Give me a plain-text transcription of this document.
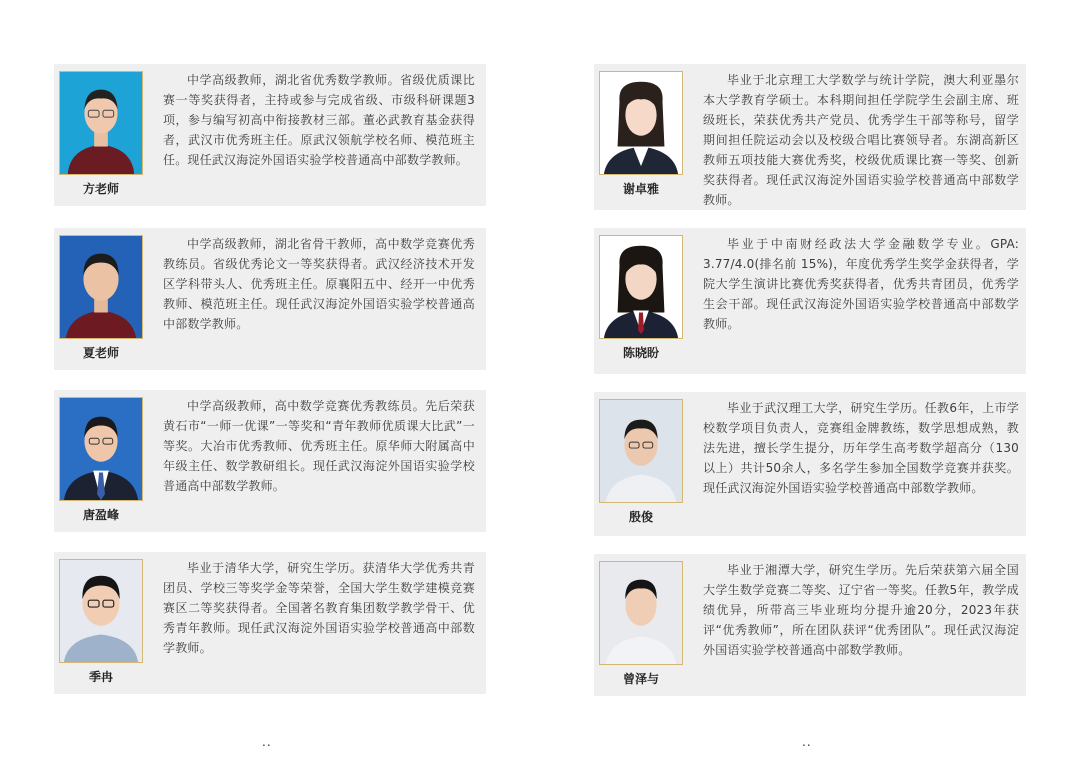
方老师

中学高级教师，湖北省优秀数学教师。省级优质课比赛一等奖获得者，主持或参与完成省级、市级科研课题3项，参与编写初高中衔接教材三部。董必武教育基金获得者，武汉市优秀班主任。原武汉领航学校名师、模范班主任。现任武汉海淀外国语实验学校普通高中部数学教师。

夏老师

中学高级教师，湖北省骨干教师，高中数学竞赛优秀教练员。省级优秀论文一等奖获得者。武汉经济技术开发区学科带头人、优秀班主任。原襄阳五中、经开一中优秀教师、模范班主任。现任武汉海淀外国语实验学校普通高中部数学教师。

唐盈峰

中学高级教师，高中数学竞赛优秀教练员。先后荣获黄石市“一师一优课”一等奖和“青年教师优质课大比武”一等奖。大冶市优秀教师、优秀班主任。原华师大附属高中年级主任、数学教研组长。现任武汉海淀外国语实验学校普通高中部数学教师。

季冉

毕业于清华大学，研究生学历。获清华大学优秀共青团员、学校三等奖学金等荣誉，全国大学生数学建模竞赛赛区二等奖获得者。全国著名教育集团数学教学骨干、优秀青年教师。现任武汉海淀外国语实验学校普通高中部数学教师。

谢卓雅

毕业于北京理工大学数学与统计学院，澳大利亚墨尔本大学教育学硕士。本科期间担任学院学生会副主席、班级班长，荣获优秀共产党员、优秀学生干部等称号，留学期间担任院运动会以及校级合唱比赛领导者。东湖高新区教师五项技能大赛优秀奖，校级优质课比赛一等奖、创新奖获得者。现任武汉海淀外国语实验学校普通高中部数学教师。

陈晓盼

毕业于中南财经政法大学金融数学专业。GPA: 3.77/4.0(排名前 15%)，年度优秀学生奖学金获得者，学院大学生演讲比赛优秀奖获得者，优秀共青团员，优秀学生会干部。现任武汉海淀外国语实验学校普通高中部数学教师。

殷俊

毕业于武汉理工大学，研究生学历。任教6年，上市学校数学项目负责人，竞赛组金牌教练，数学思想成熟，教法先进，擅长学生提分，历年学生高考数学超高分（130以上）共计50余人，多名学生参加全国数学竞赛并获奖。现任武汉海淀外国语实验学校普通高中部数学教师。

曾泽与

毕业于湘潭大学，研究生学历。先后荣获第六届全国大学生数学竞赛二等奖、辽宁省一等奖。任教5年，教学成绩优异，所带高三毕业班均分提升逾20分，2023年获评“优秀教师”，所在团队获评“优秀团队”。现任武汉海淀外国语实验学校普通高中部数学教师。

..	..
